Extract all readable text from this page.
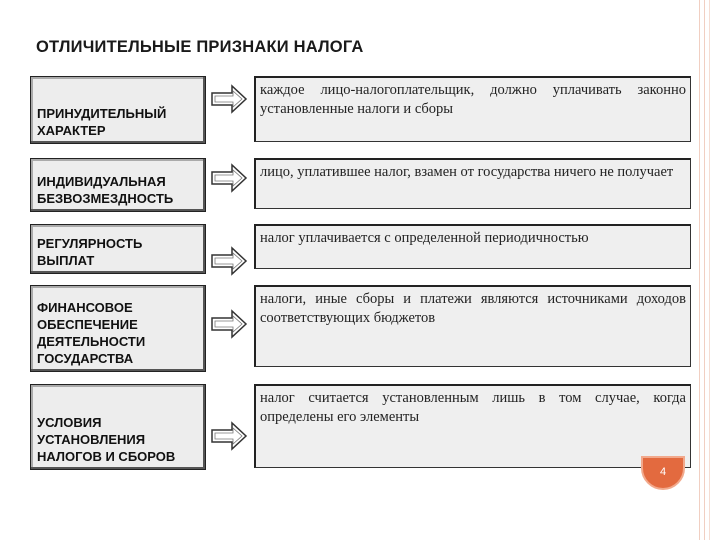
ОТЛИЧИТЕЛЬНЫЕ ПРИЗНАКИ НАЛОГА
ПРИНУДИТЕЛЬНЫЙ ХАРАКТЕР
каждое лицо-налогоплательщик, должно уплачивать законно установленные налоги и сборы
ИНДИВИДУАЛЬНАЯ БЕЗВОЗМЕЗДНОСТЬ
лицо, уплатившее налог, взамен от государства ничего не получает
РЕГУЛЯРНОСТЬ ВЫПЛАТ
налог уплачивается с определенной периодичностью
ФИНАНСОВОЕ ОБЕСПЕЧЕНИЕ ДЕЯТЕЛЬНОСТИ ГОСУДАРСТВА
налоги, иные сборы и платежи являются источниками доходов соответствующих бюджетов
УСЛОВИЯ УСТАНОВЛЕНИЯ НАЛОГОВ И СБОРОВ
налог считается установленным лишь в том случае, когда определены его элементы
4
